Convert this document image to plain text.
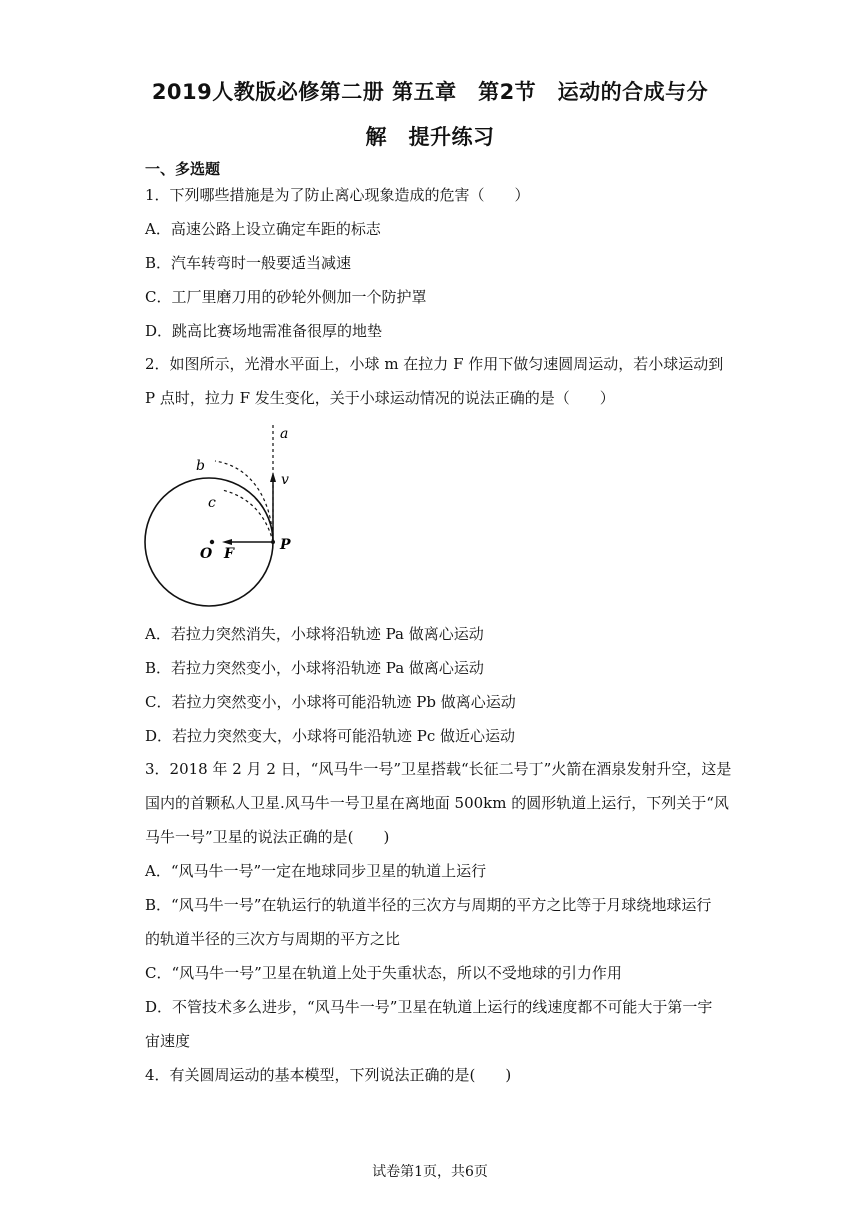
2019人教版必修第二册 第五章　第2节　运动的合成与分
解　提升练习
一、多选题
1．下列哪些措施是为了防止离心现象造成的危害（　　）
A．高速公路上设立确定车距的标志
B．汽车转弯时一般要适当减速
C．工厂里磨刀用的砂轮外侧加一个防护罩
D．跳高比赛场地需准备很厚的地垫
2．如图所示，光滑水平面上，小球 m 在拉力 F 作用下做匀速圆周运动，若小球运动到
P 点时，拉力 F 发生变化，关于小球运动情况的说法正确的是（　　）
a
b
c
v
O F
P
A．若拉力突然消失，小球将沿轨迹 Pa 做离心运动
B．若拉力突然变小，小球将沿轨迹 Pa 做离心运动
C．若拉力突然变小，小球将可能沿轨迹 Pb 做离心运动
D．若拉力突然变大，小球将可能沿轨迹 Pc 做近心运动
3．2018 年 2 月 2 日，“风马牛一号”卫星搭载“长征二号丁”火箭在酒泉发射升空，这是
国内的首颗私人卫星.风马牛一号卫星在离地面 500km 的圆形轨道上运行，下列关于“风
马牛一号”卫星的说法正确的是(　　)
A．“风马牛一号”一定在地球同步卫星的轨道上运行
B．“风马牛一号”在轨运行的轨道半径的三次方与周期的平方之比等于月球绕地球运行
的轨道半径的三次方与周期的平方之比
C．“风马牛一号”卫星在轨道上处于失重状态，所以不受地球的引力作用
D．不管技术多么进步，“风马牛一号”卫星在轨道上运行的线速度都不可能大于第一宇
宙速度
4．有关圆周运动的基本模型，下列说法正确的是(　　)
试卷第1页，共6页
